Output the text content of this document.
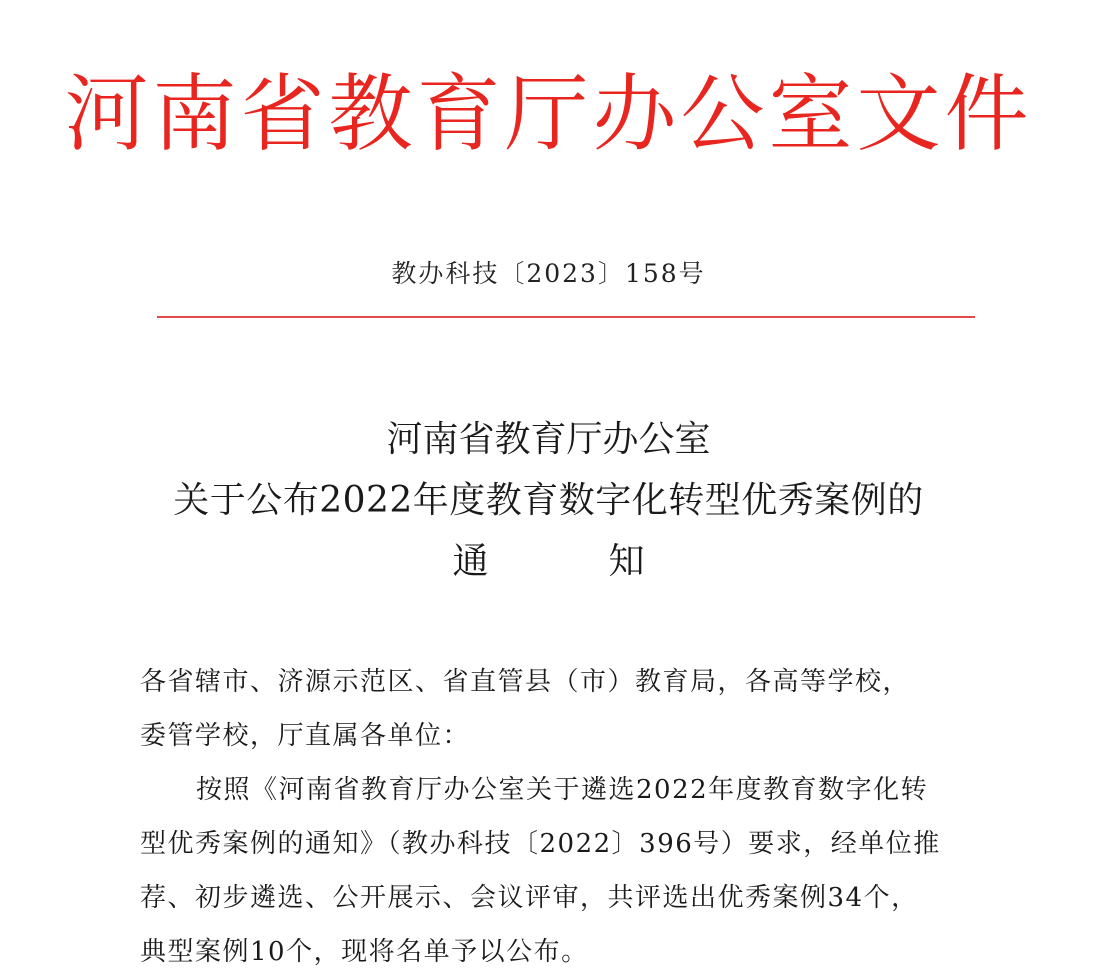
河南省教育厅办公室文件
教办科技〔2023〕158号
河南省教育厅办公室
关于公布2022年度教育数字化转型优秀案例的
通	知
各省辖市、济源示范区、省直管县（市）教育局，各高等学校，
委管学校，厅直属各单位：
按照《河南省教育厅办公室关于遴选2022年度教育数字化转
型优秀案例的通知》（教办科技〔2022〕396号）要求，经单位推
荐、初步遴选、公开展示、会议评审，共评选出优秀案例34个，
典型案例10个，现将名单予以公布。
